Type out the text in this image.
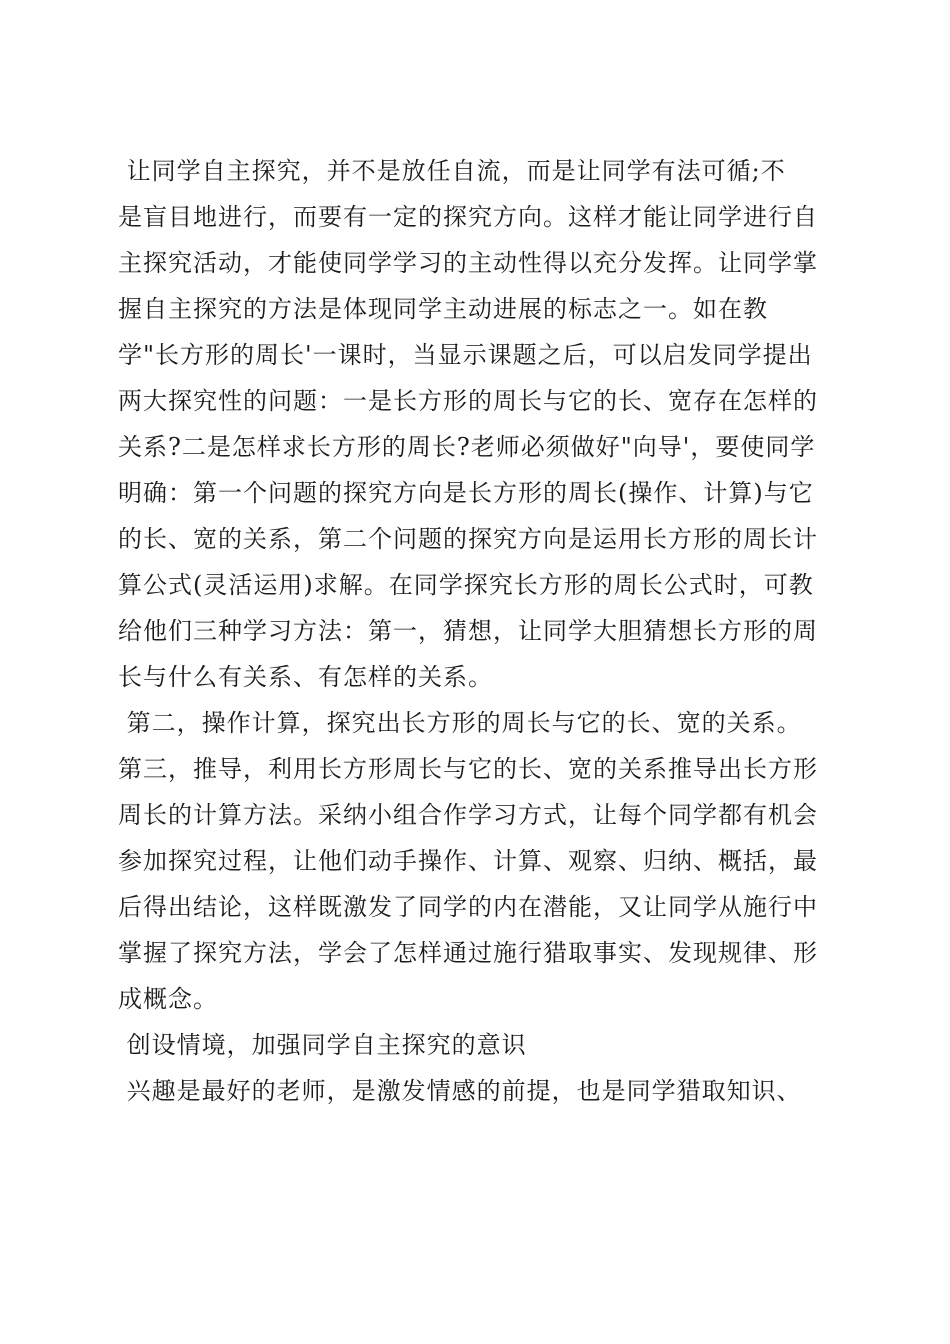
让同学自主探究，并不是放任自流，而是让同学有法可循;不
是盲目地进行，而要有一定的探究方向。这样才能让同学进行自
主探究活动，才能使同学学习的主动性得以充分发挥。让同学掌
握自主探究的方法是体现同学主动进展的标志之一。如在教
学"长方形的周长'一课时，当显示课题之后，可以启发同学提出
两大探究性的问题：一是长方形的周长与它的长、宽存在怎样的
关系?二是怎样求长方形的周长?老师必须做好"向导'，要使同学
明确：第一个问题的探究方向是长方形的周长(操作、计算)与它
的长、宽的关系，第二个问题的探究方向是运用长方形的周长计
算公式(灵活运用)求解。在同学探究长方形的周长公式时，可教
给他们三种学习方法：第一，猜想，让同学大胆猜想长方形的周
长与什么有关系、有怎样的关系。
第二，操作计算，探究出长方形的周长与它的长、宽的关系。
第三，推导，利用长方形周长与它的长、宽的关系推导出长方形
周长的计算方法。采纳小组合作学习方式，让每个同学都有机会
参加探究过程，让他们动手操作、计算、观察、归纳、概括，最
后得出结论，这样既激发了同学的内在潜能，又让同学从施行中
掌握了探究方法，学会了怎样通过施行猎取事实、发现规律、形
成概念。
创设情境，加强同学自主探究的意识
兴趣是最好的老师，是激发情感的前提，也是同学猎取知识、
